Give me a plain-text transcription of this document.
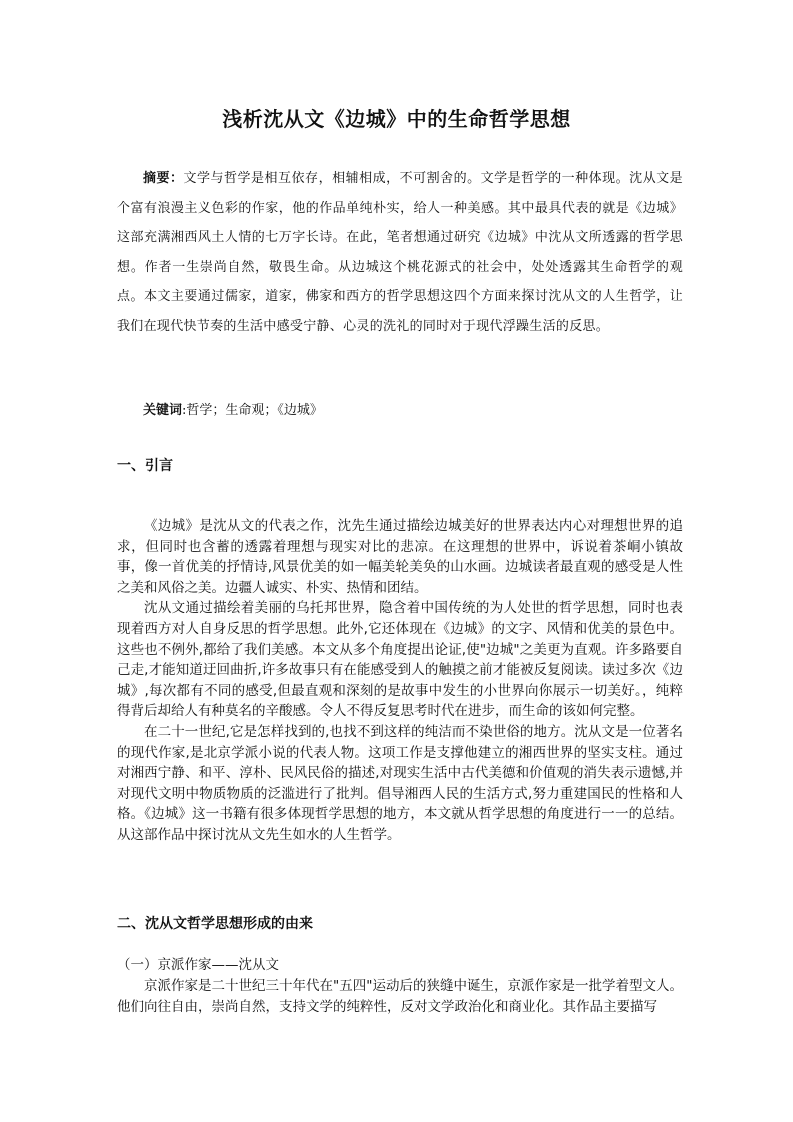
浅析沈从文《边城》中的生命哲学思想

摘要：文学与哲学是相互依存，相辅相成，不可割舍的。文学是哲学的一种体现。沈从文是个富有浪漫主义色彩的作家，他的作品单纯朴实，给人一种美感。其中最具代表的就是《边城》这部充满湘西风土人情的七万字长诗。在此，笔者想通过研究《边城》中沈从文所透露的哲学思想。作者一生崇尚自然，敬畏生命。从边城这个桃花源式的社会中，处处透露其生命哲学的观点。本文主要通过儒家，道家，佛家和西方的哲学思想这四个方面来探讨沈从文的人生哲学，让我们在现代快节奏的生活中感受宁静、心灵的洗礼的同时对于现代浮躁生活的反思。

关键词:哲学；生命观；《边城》

一、引言

《边城》是沈从文的代表之作，沈先生通过描绘边城美好的世界表达内心对理想世界的追求，但同时也含蓄的透露着理想与现实对比的悲凉。在这理想的世界中，诉说着茶峒小镇故事，像一首优美的抒情诗,风景优美的如一幅美轮美奂的山水画。边城读者最直观的感受是人性之美和风俗之美。边疆人诚实、朴实、热情和团结。

沈从文通过描绘着美丽的乌托邦世界，隐含着中国传统的为人处世的哲学思想，同时也表现着西方对人自身反思的哲学思想。此外,它还体现在《边城》的文字、风情和优美的景色中。这些也不例外,都给了我们美感。本文从多个角度提出论证,使"边城"之美更为直观。许多路要自己走,才能知道迂回曲折,许多故事只有在能感受到人的触摸之前才能被反复阅读。读过多次《边城》,每次都有不同的感受,但最直观和深刻的是故事中发生的小世界向你展示一切美好。，纯粹得背后却给人有种莫名的辛酸感。令人不得反复思考时代在进步，而生命的该如何完整。

在二十一世纪,它是怎样找到的,也找不到这样的纯洁而不染世俗的地方。沈从文是一位著名的现代作家,是北京学派小说的代表人物。这项工作是支撑他建立的湘西世界的坚实支柱。通过对湘西宁静、和平、淳朴、民风民俗的描述,对现实生活中古代美德和价值观的消失表示遗憾,并对现代文明中物质物质的泛滥进行了批判。倡导湘西人民的生活方式,努力重建国民的性格和人格。《边城》这一书籍有很多体现哲学思想的地方，本文就从哲学思想的角度进行一一的总结。从这部作品中探讨沈从文先生如水的人生哲学。

二、沈从文哲学思想形成的由来

（一）京派作家——沈从文

京派作家是二十世纪三十年代在"五四"运动后的狭缝中诞生，京派作家是一批学着型文人。他们向往自由，崇尚自然，支持文学的纯粹性，反对文学政治化和商业化。其作品主要描写
